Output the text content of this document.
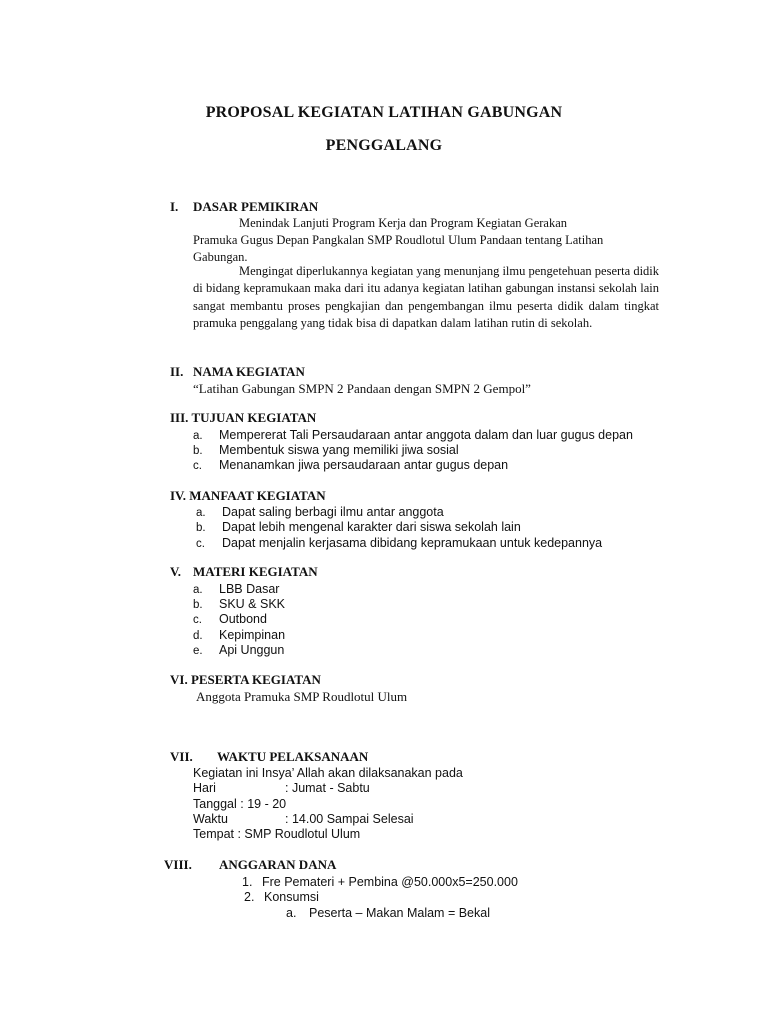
PROPOSAL KEGIATAN LATIHAN GABUNGAN
PENGGALANG
I. DASAR PEMIKIRAN
Menindak Lanjuti Program Kerja dan Program Kegiatan Gerakan
Pramuka Gugus Depan Pangkalan SMP Roudlotul Ulum Pandaan tentang Latihan
Gabungan.
Mengingat diperlukannya kegiatan yang menunjang ilmu pengetehuan peserta didik di bidang kepramukaan maka dari itu adanya kegiatan latihan gabungan instansi sekolah lain sangat membantu proses pengkajian dan pengembangan ilmu peserta didik dalam tingkat pramuka penggalang yang tidak bisa di dapatkan dalam latihan rutin di sekolah.
II. NAMA KEGIATAN
“Latihan Gabungan SMPN 2 Pandaan dengan SMPN 2 Gempol”
III. TUJUAN KEGIATAN
a. Mempererat Tali Persaudaraan antar anggota dalam dan luar gugus depan
b. Membentuk siswa yang memiliki jiwa sosial
c. Menanamkan jiwa persaudaraan antar gugus depan
IV. MANFAAT KEGIATAN
a. Dapat saling berbagi ilmu antar anggota
b. Dapat lebih mengenal karakter dari siswa sekolah lain
c. Dapat menjalin kerjasama dibidang kepramukaan untuk kedepannya
V. MATERI KEGIATAN
a. LBB Dasar
b. SKU & SKK
c. Outbond
d. Kepimpinan
e. Api Unggun
VI. PESERTA KEGIATAN
Anggota Pramuka SMP Roudlotul Ulum
VII. WAKTU PELAKSANAAN
Kegiatan ini Insya’ Allah akan dilaksanakan pada
Hari	: Jumat - Sabtu
Tanggal : 19 - 20
Waktu	: 14.00 Sampai Selesai
Tempat : SMP Roudlotul Ulum
VIII. ANGGARAN DANA
1. Fre Pemateri + Pembina @50.000x5=250.000
2. Konsumsi
a. Peserta – Makan Malam = Bekal
